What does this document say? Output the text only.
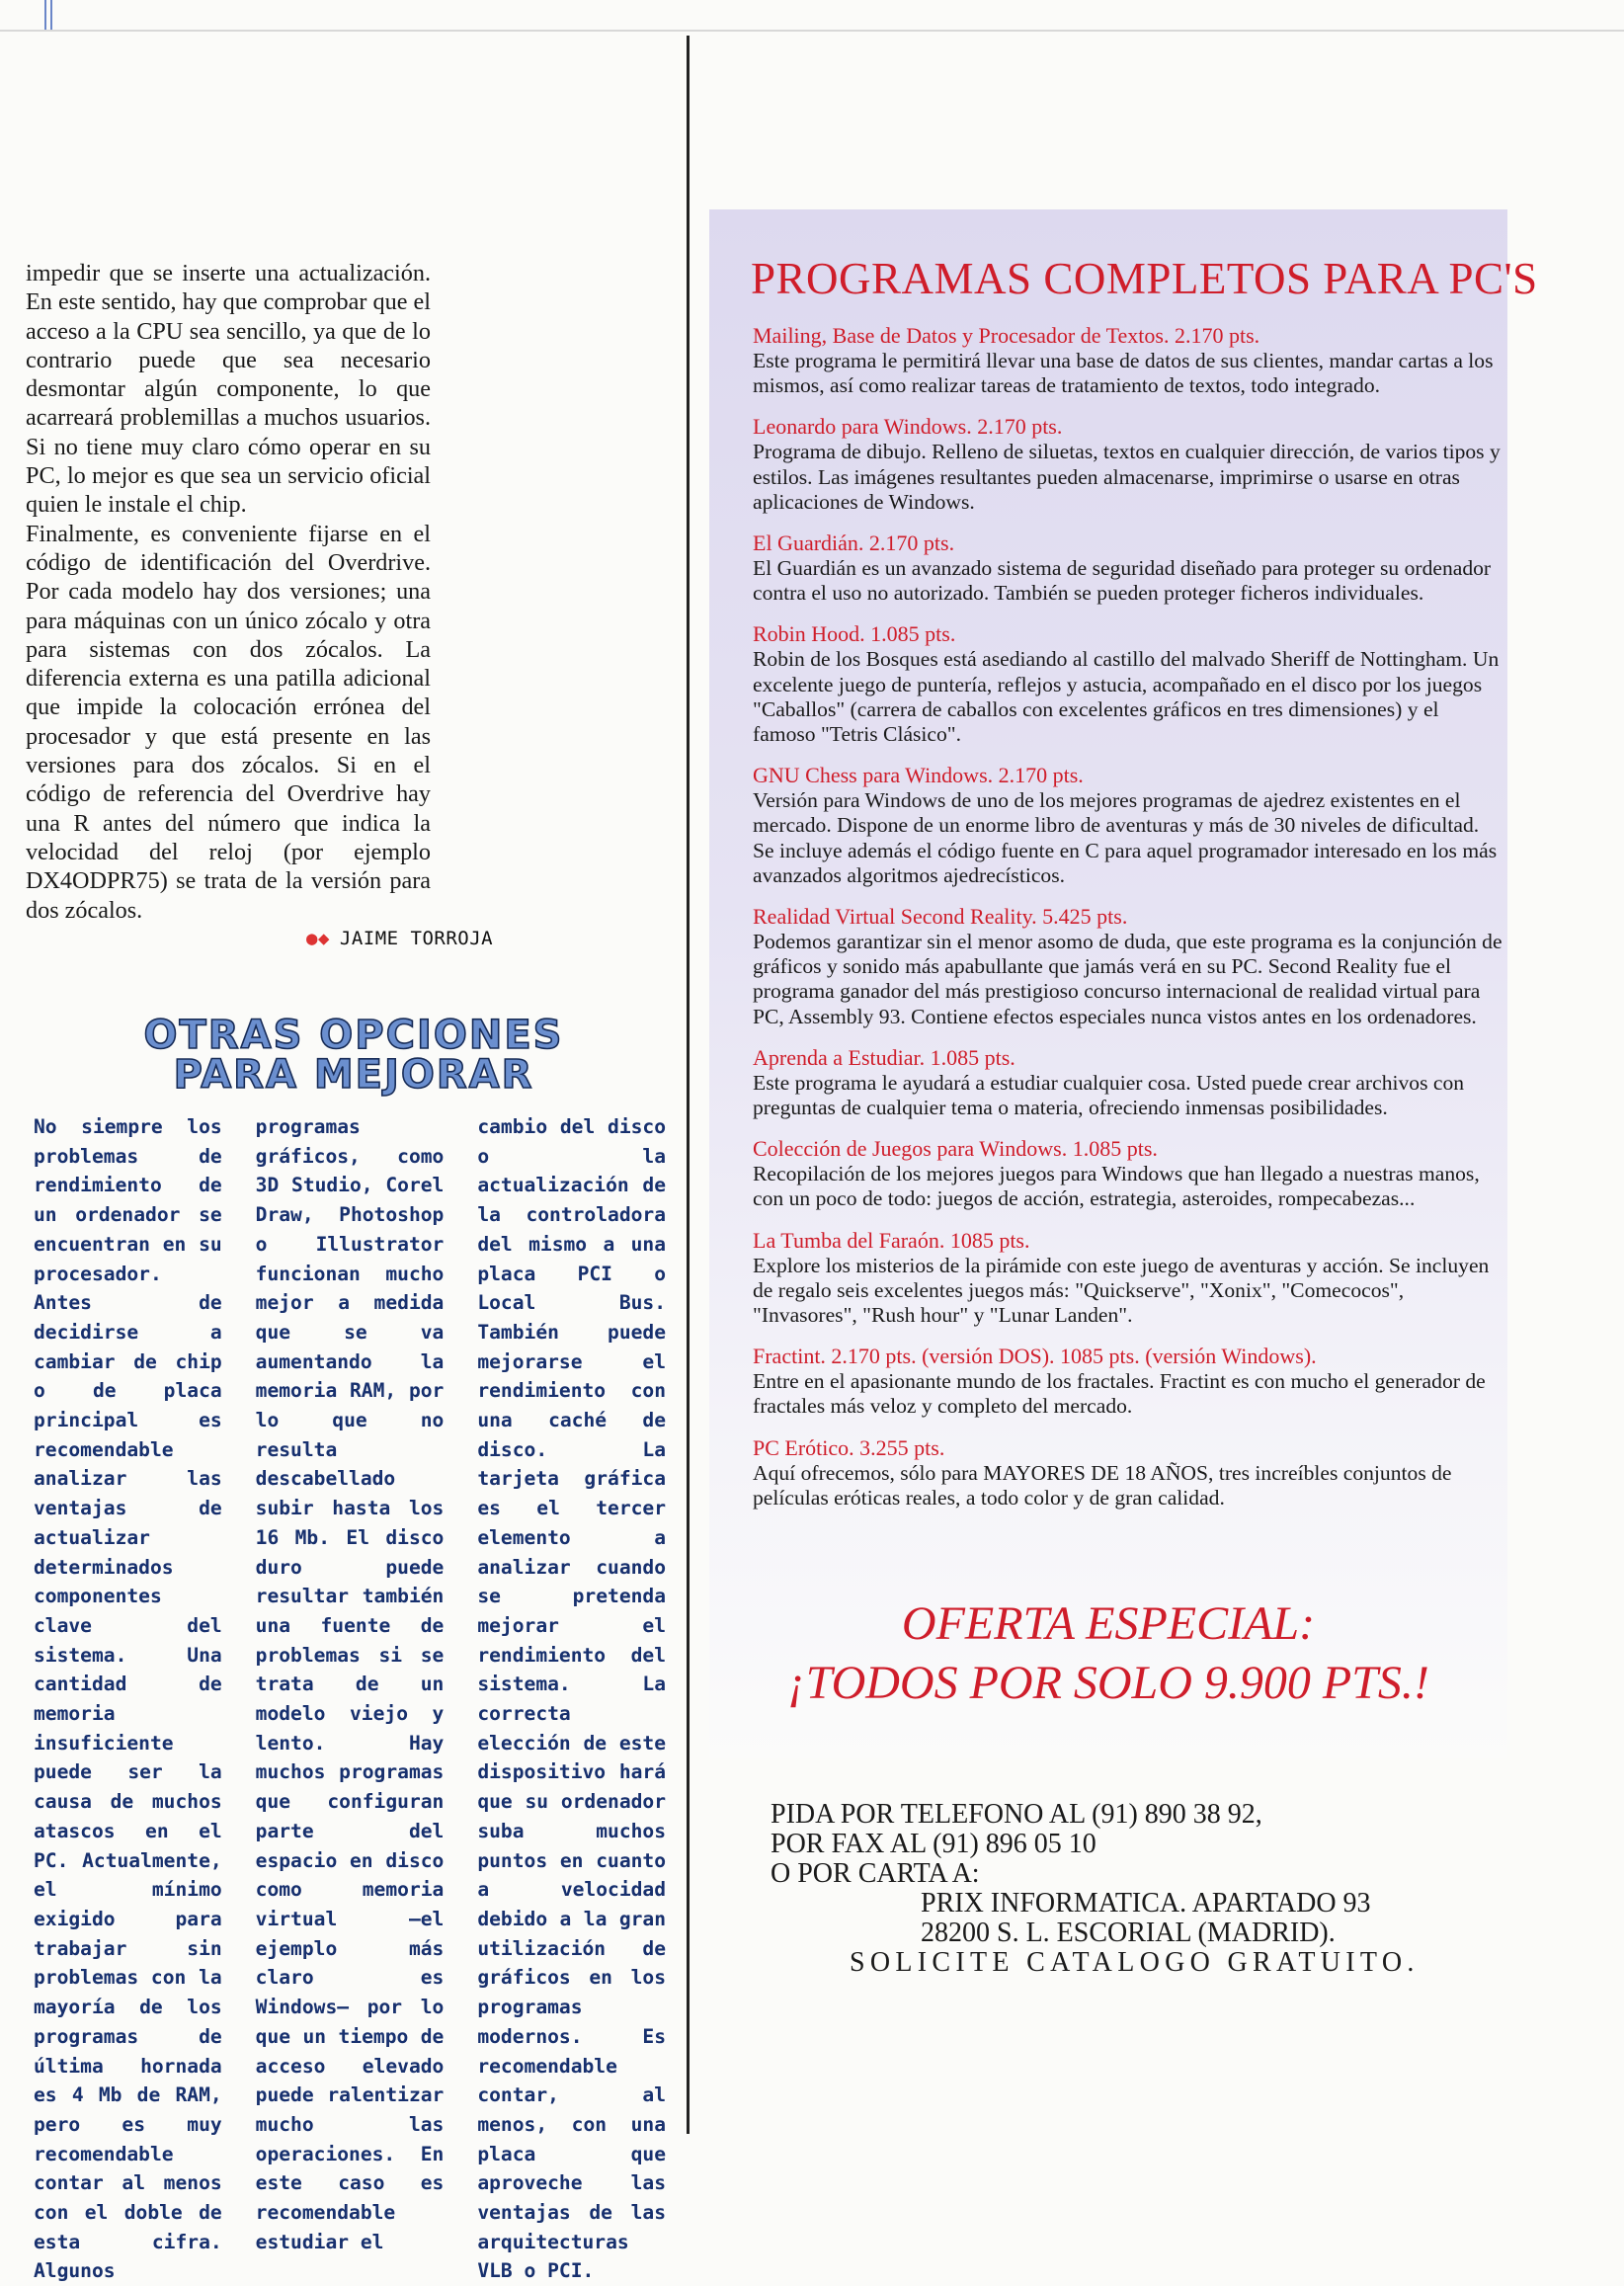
impedir que se inserte una actualización. En este sentido, hay que comprobar que el acceso a la CPU sea sencillo, ya que de lo contrario puede que sea necesario desmontar algún componente, lo que acarreará problemillas a muchos usuarios. Si no tiene muy claro cómo operar en su PC, lo mejor es que sea un servicio oficial quien le instale el chip.
Finalmente, es conveniente fijarse en el código de identificación del Overdrive. Por cada modelo hay dos versiones; una para máquinas con un único zócalo y otra para sistemas con dos zócalos. La diferencia externa es una patilla adicional que impide la colocación errónea del procesador y que está presente en las versiones para dos zócalos. Si en el código de referencia del Overdrive hay una R antes del número que indica la velocidad del reloj (por ejemplo DX4ODPR75) se trata de la versión para dos zócalos.
●◆ JAIME TORROJA
OTRAS OPCIONES
PARA MEJORAR
No siempre los problemas de rendimiento de un ordenador se encuentran en su procesador. Antes de decidirse a cambiar de chip o de placa principal es recomendable analizar las ventajas de actualizar determinados componentes clave del sistema. Una cantidad de memoria insuficiente puede ser la causa de muchos atascos en el PC. Actualmente, el mínimo exigido para trabajar sin problemas con la mayoría de los programas de última hornada es 4 Mb de RAM, pero es muy recomendable contar al menos con el doble de esta cifra. Algunos
programas gráficos, como 3D Studio, Corel Draw, Photoshop o Illustrator funcionan mucho mejor a medida que se va aumentando la memoria RAM, por lo que no resulta descabellado subir hasta los 16 Mb. El disco duro puede resultar también una fuente de problemas si se trata de un modelo viejo y lento. Hay muchos programas que configuran parte del espacio en disco como memoria virtual –el ejemplo más claro es Windows– por lo que un tiempo de acceso elevado puede ralentizar mucho las operaciones. En este caso es recomendable estudiar el
cambio del disco o la actualización de la controladora del mismo a una placa PCI o Local Bus. También puede mejorarse el rendimiento con una caché de disco. La tarjeta gráfica es el tercer elemento a analizar cuando se pretenda mejorar el rendimiento del sistema. La correcta elección de este dispositivo hará que su ordenador suba muchos puntos en cuanto a velocidad debido a la gran utilización de gráficos en los programas modernos. Es recomendable contar, al menos, con una placa que aproveche las ventajas de las arquitecturas VLB o PCI.
PROGRAMAS COMPLETOS PARA PC'S
Mailing, Base de Datos y Procesador de Textos. 2.170 pts.
Este programa le permitirá llevar una base de datos de sus clientes, mandar cartas a los mismos, así como realizar tareas de tratamiento de textos, todo integrado.
Leonardo para Windows. 2.170 pts.
Programa de dibujo. Relleno de siluetas, textos en cualquier dirección, de varios tipos y estilos. Las imágenes resultantes pueden almacenarse, imprimirse o usarse en otras aplicaciones de Windows.
El Guardián. 2.170 pts.
El Guardián es un avanzado sistema de seguridad diseñado para proteger su ordenador contra el uso no autorizado. También se pueden proteger ficheros individuales.
Robin Hood. 1.085 pts.
Robin de los Bosques está asediando al castillo del malvado Sheriff de Nottingham. Un excelente juego de puntería, reflejos y astucia, acompañado en el disco por los juegos "Caballos" (carrera de caballos con excelentes gráficos en tres dimensiones) y el famoso "Tetris Clásico".
GNU Chess para Windows. 2.170 pts.
Versión para Windows de uno de los mejores programas de ajedrez existentes en el mercado. Dispone de un enorme libro de aventuras y más de 30 niveles de dificultad. Se incluye además el código fuente en C para aquel programador interesado en los más avanzados algoritmos ajedrecísticos.
Realidad Virtual Second Reality. 5.425 pts.
Podemos garantizar sin el menor asomo de duda, que este programa es la conjunción de gráficos y sonido más apabullante que jamás verá en su PC. Second Reality fue el programa ganador del más prestigioso concurso internacional de realidad virtual para PC, Assembly 93. Contiene efectos especiales nunca vistos antes en los ordenadores.
Aprenda a Estudiar. 1.085 pts.
Este programa le ayudará a estudiar cualquier cosa. Usted puede crear archivos con preguntas de cualquier tema o materia, ofreciendo inmensas posibilidades.
Colección de Juegos para Windows. 1.085 pts.
Recopilación de los mejores juegos para Windows que han llegado a nuestras manos, con un poco de todo: juegos de acción, estrategia, asteroides, rompecabezas...
La Tumba del Faraón. 1085 pts.
Explore los misterios de la pirámide con este juego de aventuras y acción. Se incluyen de regalo seis excelentes juegos más: "Quickserve", "Xonix", "Comecocos", "Invasores", "Rush hour" y "Lunar Landen".
Fractint. 2.170 pts. (versión DOS). 1085 pts. (versión Windows).
Entre en el apasionante mundo de los fractales. Fractint es con mucho el generador de fractales más veloz y completo del mercado.
PC Erótico. 3.255 pts.
Aquí ofrecemos, sólo para MAYORES DE 18 AÑOS, tres increíbles conjuntos de películas eróticas reales, a todo color y de gran calidad.
OFERTA ESPECIAL:
¡TODOS POR SOLO 9.900 PTS.!
PIDA POR TELEFONO AL (91) 890 38 92,
POR FAX AL (91) 896 05 10
O POR CARTA A:
PRIX INFORMATICA. APARTADO 93
28200 S. L. ESCORIAL (MADRID).
SOLICITE CATALOGO GRATUITO.
